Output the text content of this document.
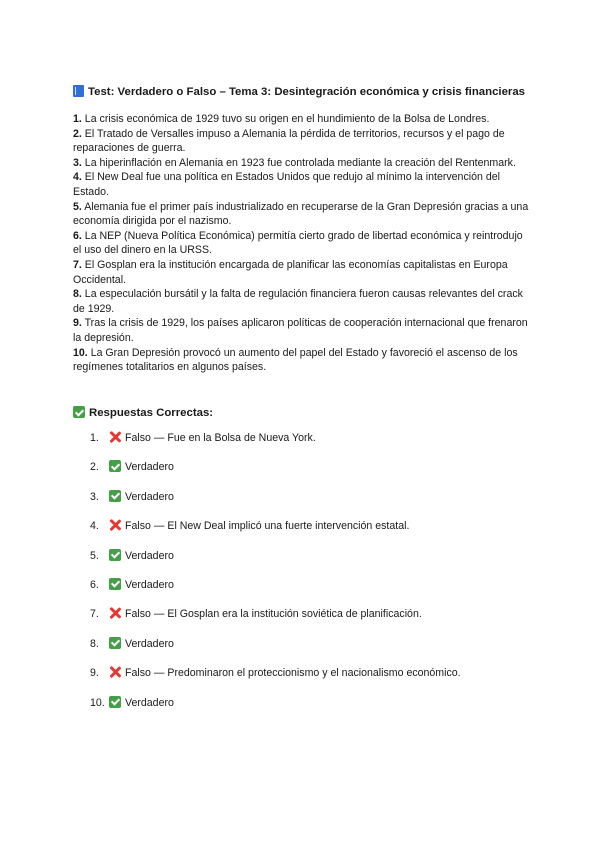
Test: Verdadero o Falso – Tema 3: Desintegración económica y crisis financieras

1. La crisis económica de 1929 tuvo su origen en el hundimiento de la Bolsa de Londres.

2. El Tratado de Versalles impuso a Alemania la pérdida de territorios, recursos y el pago de reparaciones de guerra.

3. La hiperinflación en Alemania en 1923 fue controlada mediante la creación del Rentenmark.

4. El New Deal fue una política en Estados Unidos que redujo al mínimo la intervención del Estado.

5. Alemania fue el primer país industrializado en recuperarse de la Gran Depresión gracias a una economía dirigida por el nazismo.

6. La NEP (Nueva Política Económica) permitía cierto grado de libertad económica y reintrodujo el uso del dinero en la URSS.

7. El Gosplan era la institución encargada de planificar las economías capitalistas en Europa Occidental.

8. La especulación bursátil y la falta de regulación financiera fueron causas relevantes del crack de 1929.

9. Tras la crisis de 1929, los países aplicaron políticas de cooperación internacional que frenaron la depresión.

10. La Gran Depresión provocó un aumento del papel del Estado y favoreció el ascenso de los regímenes totalitarios en algunos países.

Respuestas Correctas:
1. Falso — Fue en la Bolsa de Nueva York.
2. Verdadero
3. Verdadero
4. Falso — El New Deal implicó una fuerte intervención estatal.
5. Verdadero
6. Verdadero
7. Falso — El Gosplan era la institución soviética de planificación.
8. Verdadero
9. Falso — Predominaron el proteccionismo y el nacionalismo económico.
10. Verdadero
